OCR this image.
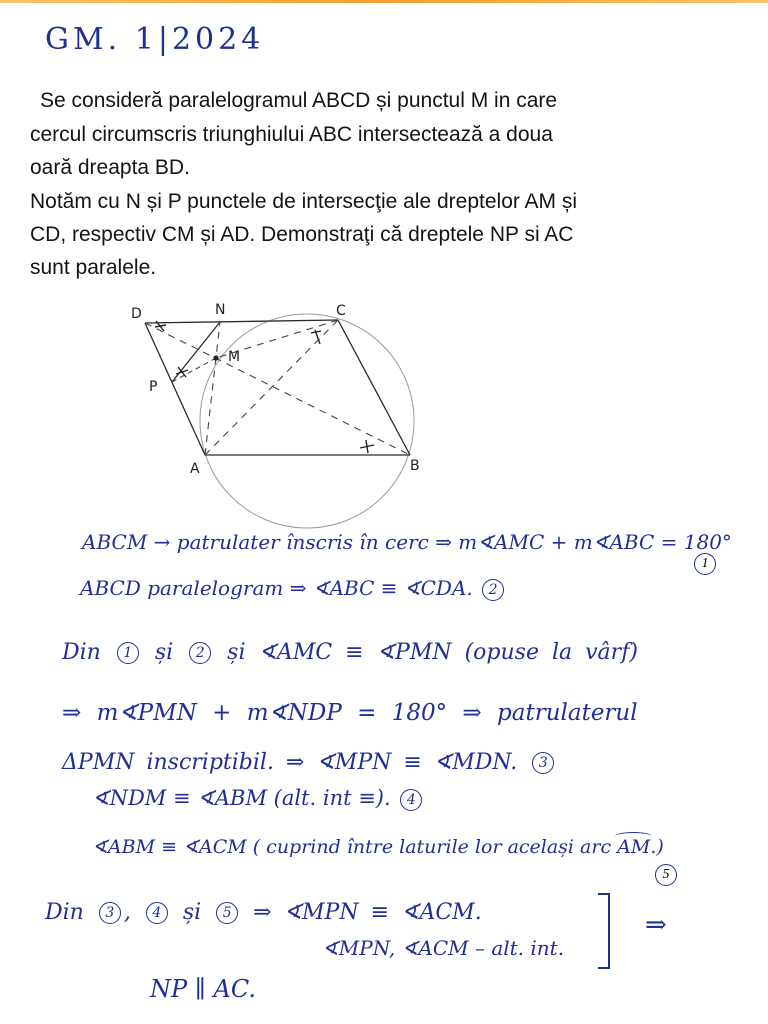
GM. 1|2024
Se consideră paralelogramul ABCD și punctul M in care
cercul circumscris triunghiului ABC intersectează a doua
oară dreapta BD.
Notăm cu N și P punctele de intersecţie ale dreptelor AM și
CD, respectiv CM și AD. Demonstraţi că dreptele NP si AC
sunt paralele.
D	N	C
M
P
A	B
ABCM → patrulater înscris în cerc ⇒ m∢AMC + m∢ABC = 180°
1
ABCD paralelogram ⇒ ∢ABC ≡ ∢CDA. 2
Din 1 și 2 și ∢AMC ≡ ∢PMN (opuse la vârf)
⇒ m∢PMN + m∢NDP = 180° ⇒ patrulaterul
ΔPMN inscriptibil. ⇒ ∢MPN ≡ ∢MDN. 3
∢NDM ≡ ∢ABM (alt. int ≡). 4
∢ABM ≡ ∢ACM ( cuprind între laturile lor același arc AM.)
5
Din 3 , 4 și 5 ⇒ ∢MPN ≡ ∢ACM.
∢MPN, ∢ACM – alt. int.
⇒
NP ∥ AC.
